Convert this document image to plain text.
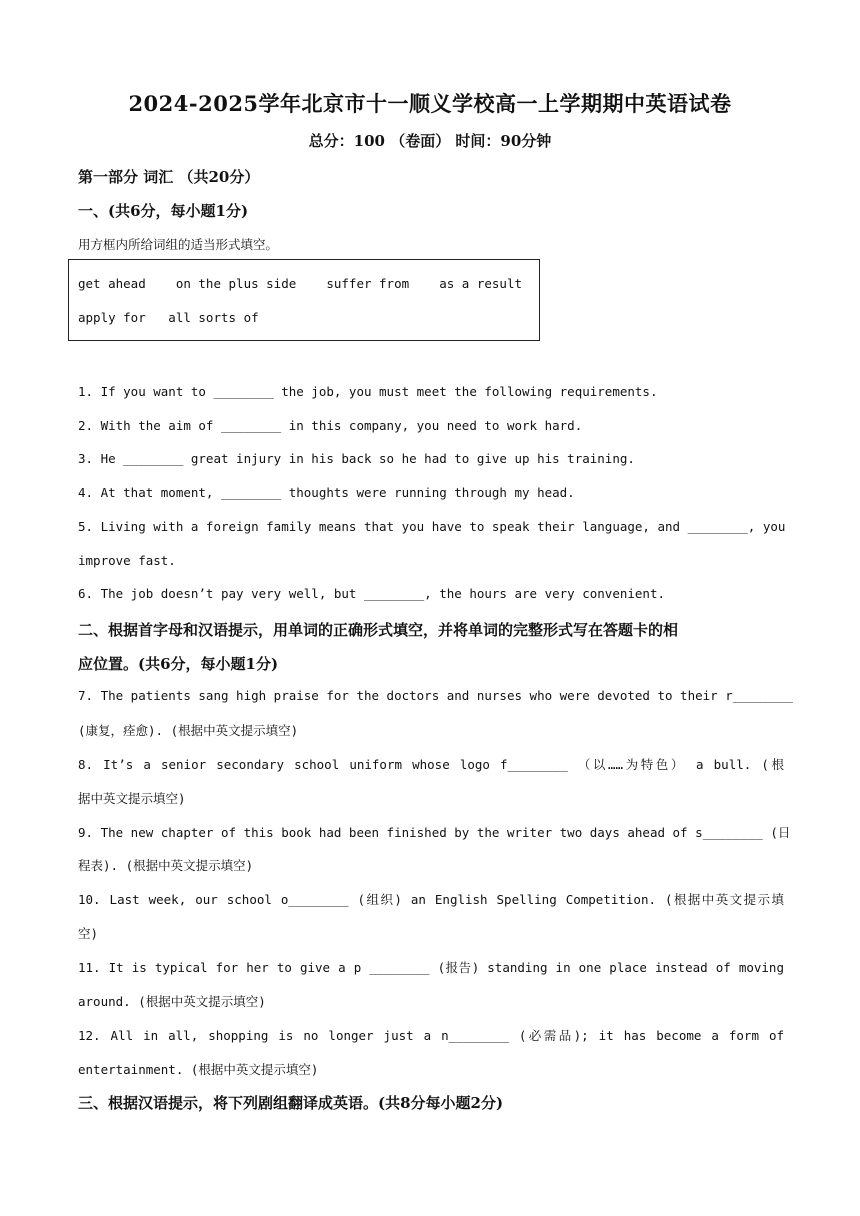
2024-2025学年北京市十一顺义学校高一上学期期中英语试卷
总分：100 （卷面） 时间：90分钟
第一部分 词汇 （共20分）
一、(共6分，每小题1分)
用方框内所给词组的适当形式填空。
get ahead    on the plus side    suffer from    as a result
apply for   all sorts of
1. If you want to ________ the job, you must meet the following requirements.
2. With the aim of ________ in this company, you need to work hard.
3. He ________ great injury in his back so he had to give up his training.
4. At that moment, ________ thoughts were running through my head.
5. Living with a foreign family means that you have to speak their language, and ________, you
improve fast.
6. The job doesn’t pay very well, but ________, the hours are very convenient.
二、根据首字母和汉语提示，用单词的正确形式填空，并将单词的完整形式写在答题卡的相
应位置。(共6分，每小题1分)
7. The patients sang high praise for the doctors and nurses who were devoted to their r________
(康复，痊愈). (根据中英文提示填空)
8. It’s a senior secondary school uniform whose logo f________ （以……为特色） a bull. (根
据中英文提示填空)
9. The new chapter of this book had been finished by the writer two days ahead of s________ (日
程表). (根据中英文提示填空)
10. Last week, our school o________ (组织) an English Spelling Competition. (根据中英文提示填
空)
11. It is typical for her to give a p ________ (报告) standing in one place instead of moving
around. (根据中英文提示填空)
12. All in all, shopping is no longer just a n________ (必需品); it has become a form of
entertainment. (根据中英文提示填空)
三、根据汉语提示，将下列剧组翻译成英语。(共8分每小题2分)
